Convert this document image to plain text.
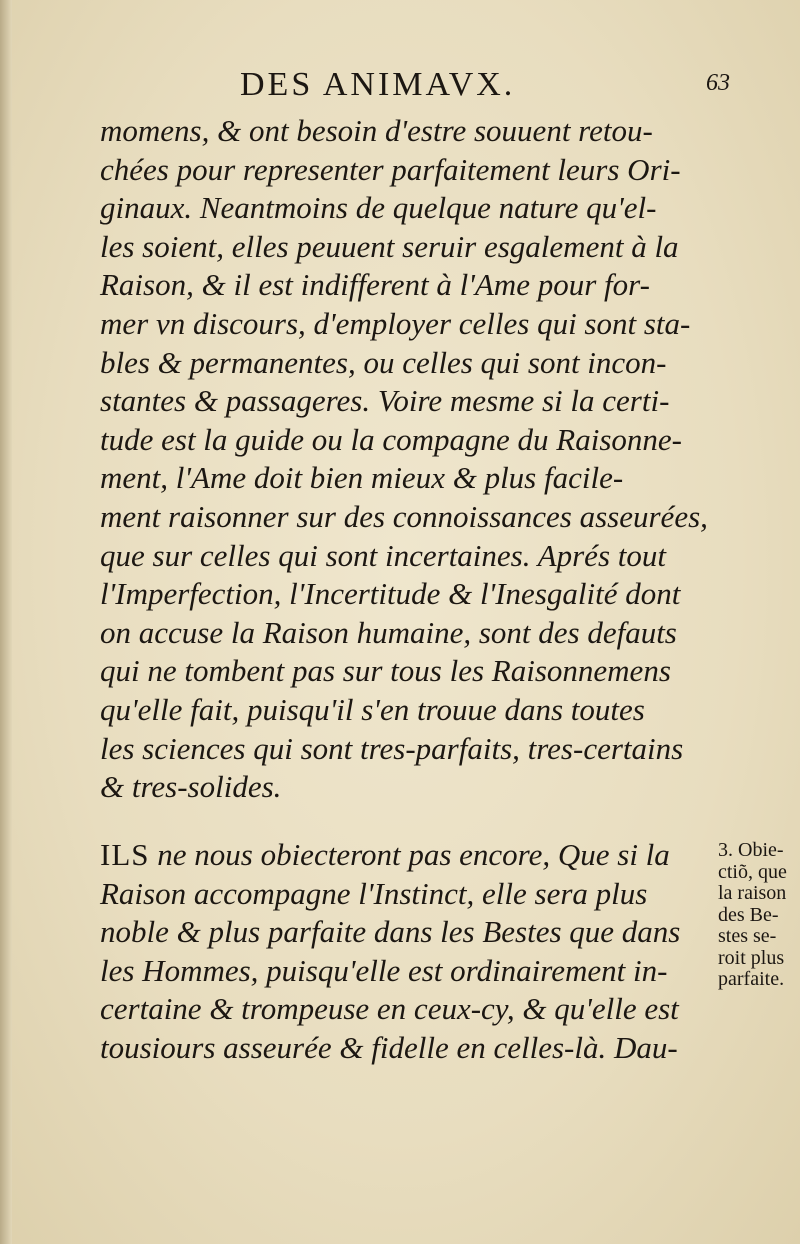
DES ANIMAVX.	63
momens, & ont besoin d'estre souuent retou-
chées pour representer parfaitement leurs Ori-
ginaux. Neantmoins de quelque nature qu'el-
les soient, elles peuuent seruir esgalement à la
Raison, & il est indifferent à l'Ame pour for-
mer vn discours, d'employer celles qui sont sta-
bles & permanentes, ou celles qui sont incon-
stantes & passageres. Voire mesme si la certi-
tude est la guide ou la compagne du Raisonne-
ment, l'Ame doit bien mieux & plus facile-
ment raisonner sur des connoissances asseurées,
que sur celles qui sont incertaines. Aprés tout
l'Imperfection, l'Incertitude & l'Inesgalité dont
on accuse la Raison humaine, sont des defauts
qui ne tombent pas sur tous les Raisonnemens
qu'elle fait, puisqu'il s'en trouue dans toutes
les sciences qui sont tres-parfaits, tres-certains
& tres-solides.
ILS ne nous obiecteront pas encore, Que si la
Raison accompagne l'Instinct, elle sera plus
noble & plus parfaite dans les Bestes que dans
les Hommes, puisqu'elle est ordinairement in-
certaine & trompeuse en ceux-cy, & qu'elle est
tousiours asseurée & fidelle en celles-là. Dau-
3. Obie-
ctiõ, que
la raison
des Be-
stes se-
roit plus
parfaite.
